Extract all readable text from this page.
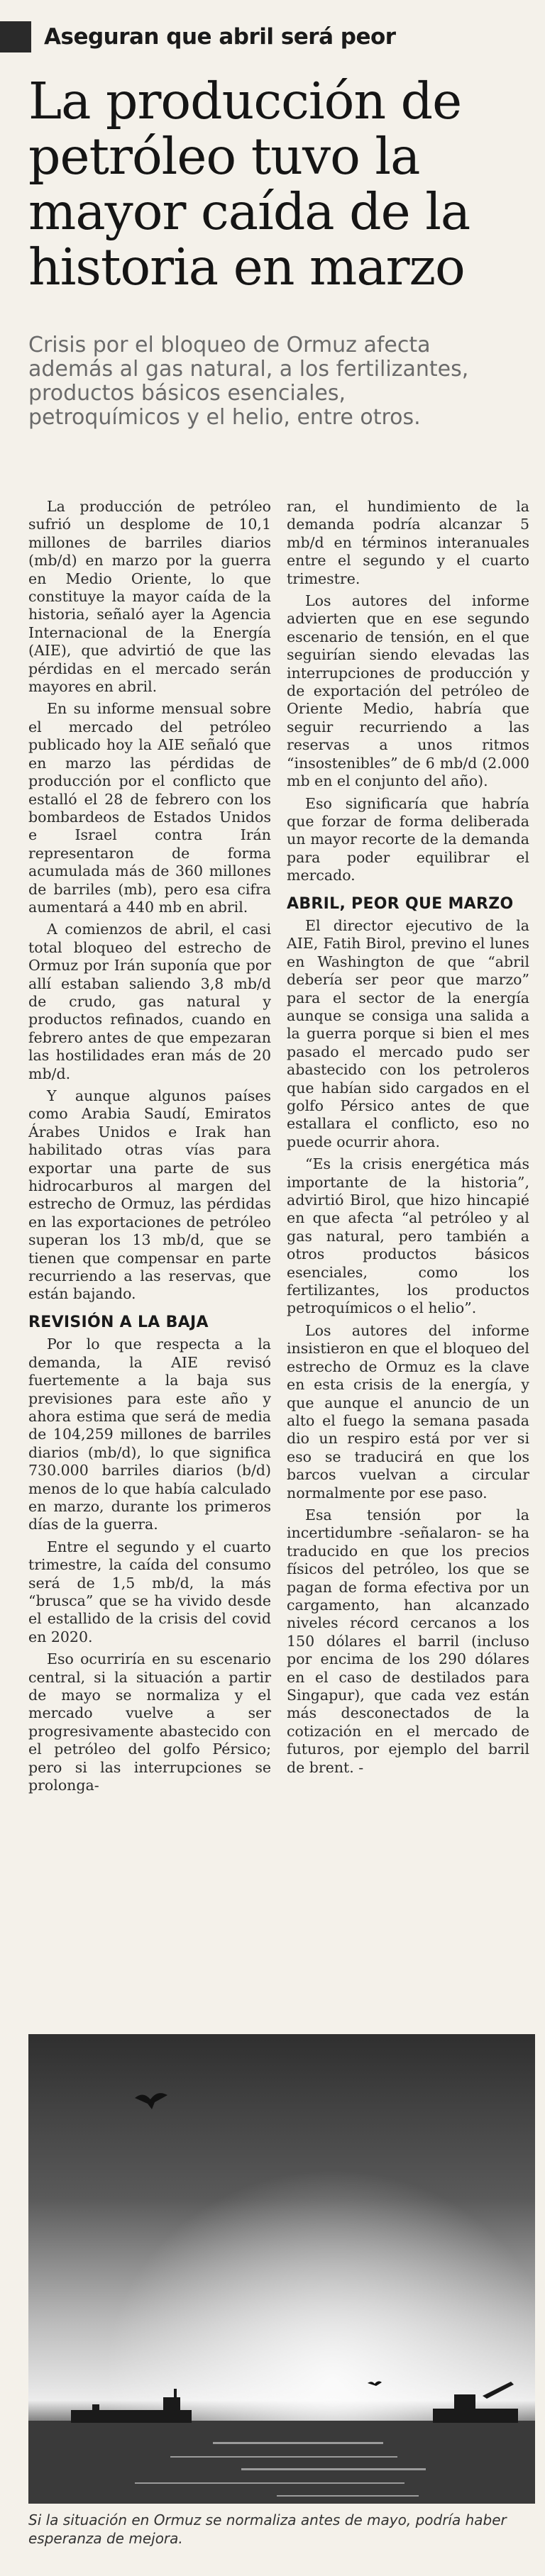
Aseguran que abril será peor
La producción de
petróleo tuvo la
mayor caída de la
historia en marzo
Crisis por el bloqueo de Ormuz afecta
además al gas natural, a los fertilizantes,
productos básicos esenciales,
petroquímicos y el helio, entre otros.

La producción de petróleo sufrió un desplome de 10,1 millones de barriles diarios (mb/d) en marzo por la guerra en Medio Oriente, lo que constituye la mayor caída de la historia, señaló ayer la Agencia Internacional de la Energía (AIE), que advirtió de que las pérdidas en el mercado serán mayores en abril.

En su informe mensual sobre el mercado del petróleo publicado hoy la AIE señaló que en marzo las pérdidas de producción por el conflicto que estalló el 28 de febrero con los bombardeos de Estados Unidos e Israel contra Irán representaron de forma acumulada más de 360 millones de barriles (mb), pero esa cifra aumentará a 440 mb en abril.

A comienzos de abril, el casi total bloqueo del estrecho de Ormuz por Irán suponía que por allí estaban saliendo 3,8 mb/d de crudo, gas natural y productos refinados, cuando en febrero antes de que empezaran las hostilidades eran más de 20 mb/d.

Y aunque algunos países como Arabia Saudí, Emiratos Árabes Unidos e Irak han habilitado otras vías para exportar una parte de sus hidrocarburos al margen del estrecho de Ormuz, las pérdidas en las exportaciones de petróleo superan los 13 mb/d, que se tienen que compensar en parte recurriendo a las reservas, que están bajando.

REVISIÓN A LA BAJA

Por lo que respecta a la demanda, la AIE revisó fuertemente a la baja sus previsiones para este año y ahora estima que será de media de 104,259 millones de barriles diarios (mb/d), lo que significa 730.000 barriles diarios (b/d) menos de lo que había calculado en marzo, durante los primeros días de la guerra.

Entre el segundo y el cuarto trimestre, la caída del consumo será de 1,5 mb/d, la más “brusca” que se ha vivido desde el estallido de la crisis del covid en 2020.

Eso ocurriría en su escenario central, si la situación a partir de mayo se normaliza y el mercado vuelve a ser progresivamente abastecido con el petróleo del golfo Pérsico; pero si las interrupciones se prolonga-

ran, el hundimiento de la demanda podría alcanzar 5 mb/d en términos interanuales entre el segundo y el cuarto trimestre.

Los autores del informe advierten que en ese segundo escenario de tensión, en el que seguirían siendo elevadas las interrupciones de producción y de exportación del petróleo de Oriente Medio, habría que seguir recurriendo a las reservas a unos ritmos “insostenibles” de 6 mb/d (2.000 mb en el conjunto del año).

Eso significaría que habría que forzar de forma deliberada un mayor recorte de la demanda para poder equilibrar el mercado.

ABRIL, PEOR QUE MARZO

El director ejecutivo de la AIE, Fatih Birol, previno el lunes en Washington de que “abril debería ser peor que marzo” para el sector de la energía aunque se consiga una salida a la guerra porque si bien el mes pasado el mercado pudo ser abastecido con los petroleros que habían sido cargados en el golfo Pérsico antes de que estallara el conflicto, eso no puede ocurrir ahora.

“Es la crisis energética más importante de la historia”, advirtió Birol, que hizo hincapié en que afecta “al petróleo y al gas natural, pero también a otros productos básicos esenciales, como los fertilizantes, los productos petroquímicos o el helio”.

Los autores del informe insistieron en que el bloqueo del estrecho de Ormuz es la clave en esta crisis de la energía, y que aunque el anuncio de un alto el fuego la semana pasada dio un respiro está por ver si eso se traducirá en que los barcos vuelvan a circular normalmente por ese paso.

Esa tensión por la incertidumbre -señalaron- se ha traducido en que los precios físicos del petróleo, los que se pagan de forma efectiva por un cargamento, han alcanzado niveles récord cercanos a los 150 dólares el barril (incluso por encima de los 290 dólares en el caso de destilados para Singapur), que cada vez están más desconectados de la cotización en el mercado de futuros, por ejemplo del barril de brent. -

Si la situación en Ormuz se normaliza antes de mayo, podría haber esperanza de mejora.
